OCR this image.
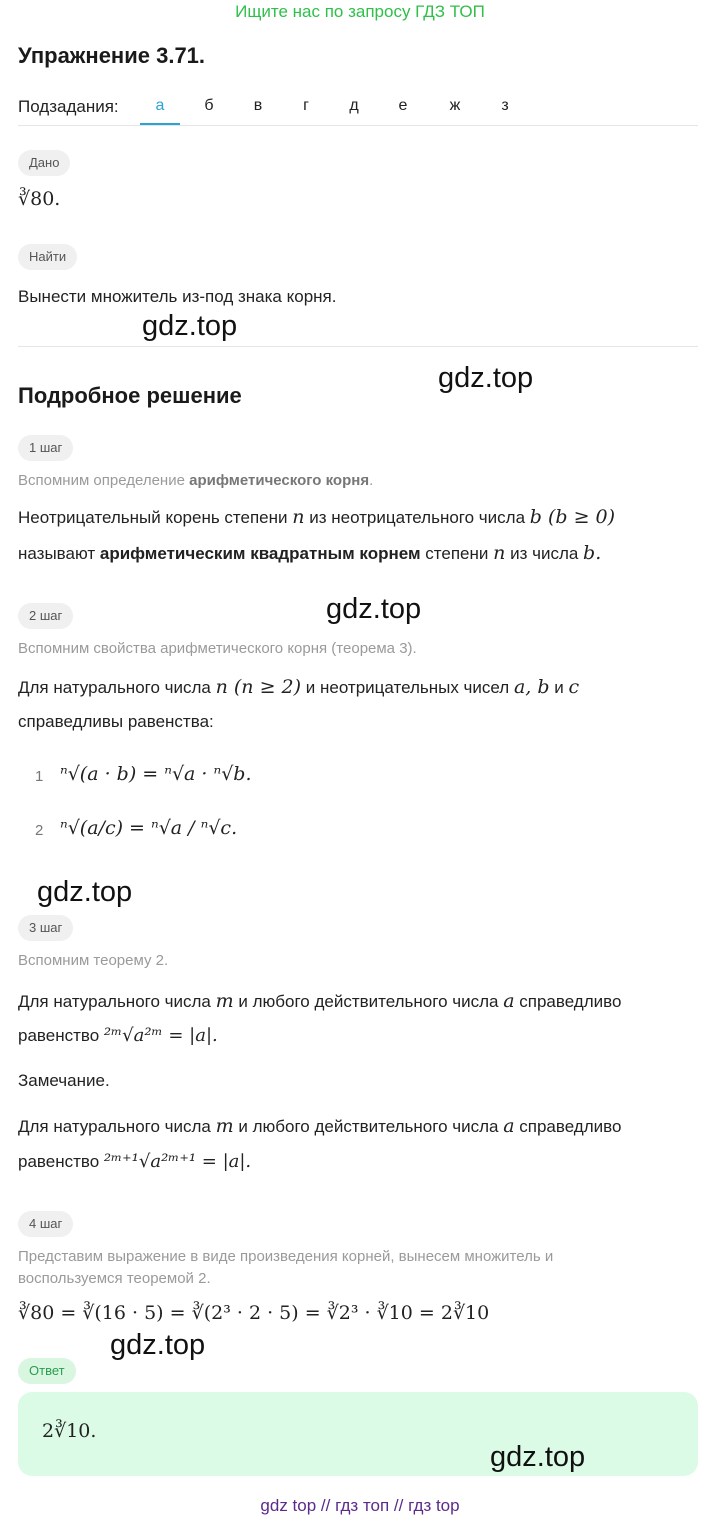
Ищите нас по запросу ГДЗ ТОП
Упражнение 3.71.
Подзадания:	а	б	в	г	д	е	ж	з
Дано
∛80.
Найти
Вынести множитель из-под знака корня.
gdz.top
gdz.top
Подробное решение
1 шаг
Вспомним определение арифметического корня.
Неотрицательный корень степени n из неотрицательного числа b (b ≥ 0)
называют арифметическим квадратным корнем степени n из числа b.
gdz.top
2 шаг
Вспомним свойства арифметического корня (теорема 3).
Для натурального числа n (n ≥ 2) и неотрицательных чисел a, b и c
справедливы равенства:
1 ⁿ√(a · b) = ⁿ√a · ⁿ√b.
2 ⁿ√(a/c) = ⁿ√a / ⁿ√c.
gdz.top
3 шаг
Вспомним теорему 2.
Для натурального числа m и любого действительного числа a справедливо
равенство ²ᵐ√a²ᵐ = |a|.
Замечание.
Для натурального числа m и любого действительного числа a справедливо
равенство ²ᵐ⁺¹√a²ᵐ⁺¹ = |a|.
4 шаг
Представим выражение в виде произведения корней, вынесем множитель и
воспользуемся теоремой 2.
∛80 = ∛(16 · 5) = ∛(2³ · 2 · 5) = ∛2³ · ∛10 = 2∛10
gdz.top
Ответ
2∛10.
gdz.top
gdz top // гдз топ // гдз top
